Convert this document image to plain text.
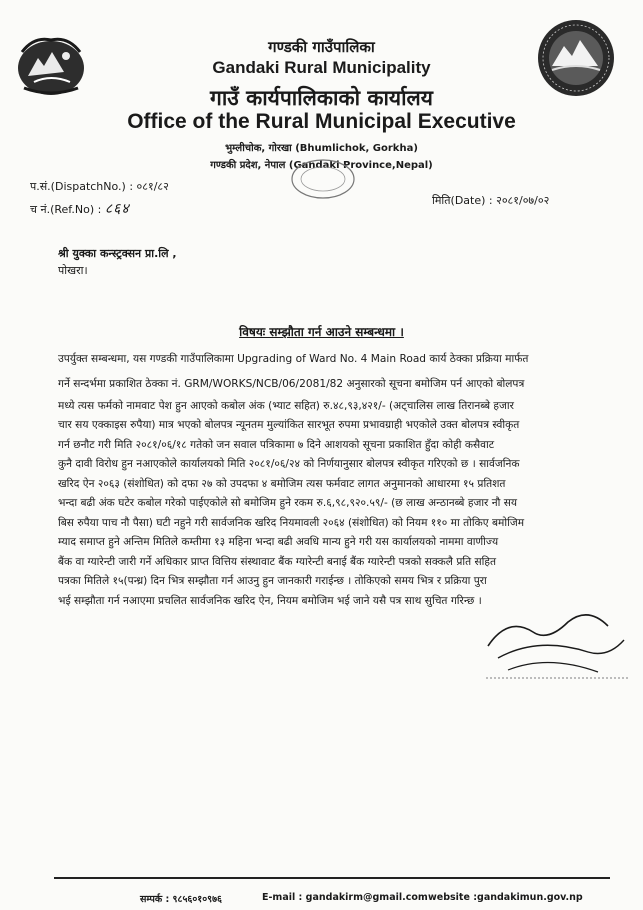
गण्डकी गाउँपालिका
Gandaki Rural Municipality
गाउँ कार्यपालिकाको कार्यालय
Office of the Rural Municipal Executive
भुम्लीचोक, गोरखा (Bhumlichok, Gorkha)
गण्डकी प्रदेश, नेपाल (Gandaki Province,Nepal)
प.सं.(DispatchNo.) : ०८१/८२
च नं.(Ref.No) : ८६४
मिति(Date) : २०८१/०७/०२
श्री युक्का कन्स्ट्रक्सन प्रा.लि ,
पोखरा।
विषयः सम्झौता गर्न आउने सम्बन्धमा ।
उपर्युक्त सम्बन्धमा, यस गण्डकी गाउँपालिकामा Upgrading of Ward No. 4 Main Road कार्य ठेक्का प्रक्रिया मार्फत
गर्ने सन्दर्भमा प्रकाशित ठेक्का नं. GRM/WORKS/NCB/06/2081/82 अनुसारको सूचना बमोजिम पर्न आएको बोलपत्र
मध्ये त्यस फर्मको नामवाट पेश हुन आएको कबोल अंक (भ्याट सहित) रु.४८,९३,४२१/- (अट्चालिस लाख तिरानब्बे हजार
चार सय एक्काइस रुपैया) मात्र भएको बोलपत्र न्यूनतम मुल्यांकित सारभूत रुपमा प्रभावग्राही भएकोले उक्त बोलपत्र स्वीकृत
गर्न छनौट गरी मिति २०८१/०६/१८ गतेको जन सवाल पत्रिकामा ७ दिने आशयको सूचना प्रकाशित हुँदा कोही कसैवाट
कुनै दावी विरोध हुन नआएकोले कार्यालयको मिति २०८१/०६/२४ को निर्णयानुसार बोलपत्र स्वीकृत गरिएको छ । सार्वजनिक
खरिद ऐन २०६३ (संशोधित) को दफा २७ को उपदफा ४ बमोजिम त्यस फर्मवाट लागत अनुमानको आधारमा १५ प्रतिशत
भन्दा बढी अंक घटेर कबोल गरेको पाईएकोले सो बमोजिम हुने रकम रु.६,९८,९२०.५९/- (छ लाख अन्ठानब्बे हजार नौ सय
बिस रुपैया पाच नौ पैसा) घटी नहुने गरी सार्वजनिक खरिद नियमावली २०६४ (संशोधित) को नियम ११० मा तोकिए बमोजिम
म्याद समाप्त हुने अन्तिम मितिले कम्तीमा १३ महिना भन्दा बढी अवधि मान्य हुने गरी यस कार्यालयको नाममा वाणीज्य
बैंक वा ग्यारेन्टी जारी गर्ने अधिकार प्राप्त वित्तिय संस्थावाट बैंक ग्यारेन्टी बनाई बैंक ग्यारेन्टी पत्रको सक्कलै प्रति सहित
पत्रका मितिले १५(पन्ध्र) दिन भित्र सम्झौता गर्न आउनु हुन जानकारी गराईन्छ । तोकिएको समय भित्र र प्रक्रिया पुरा
भई सम्झौता गर्न नआएमा प्रचलित सार्वजनिक खरिद ऐन, नियम बमोजिम भई जाने यसै पत्र साथ सुचित गरिन्छ ।
सम्पर्क : ९८५६०१०९७६	E-mail : gandakirm@gmail.com website :gandakimun.gov.np
